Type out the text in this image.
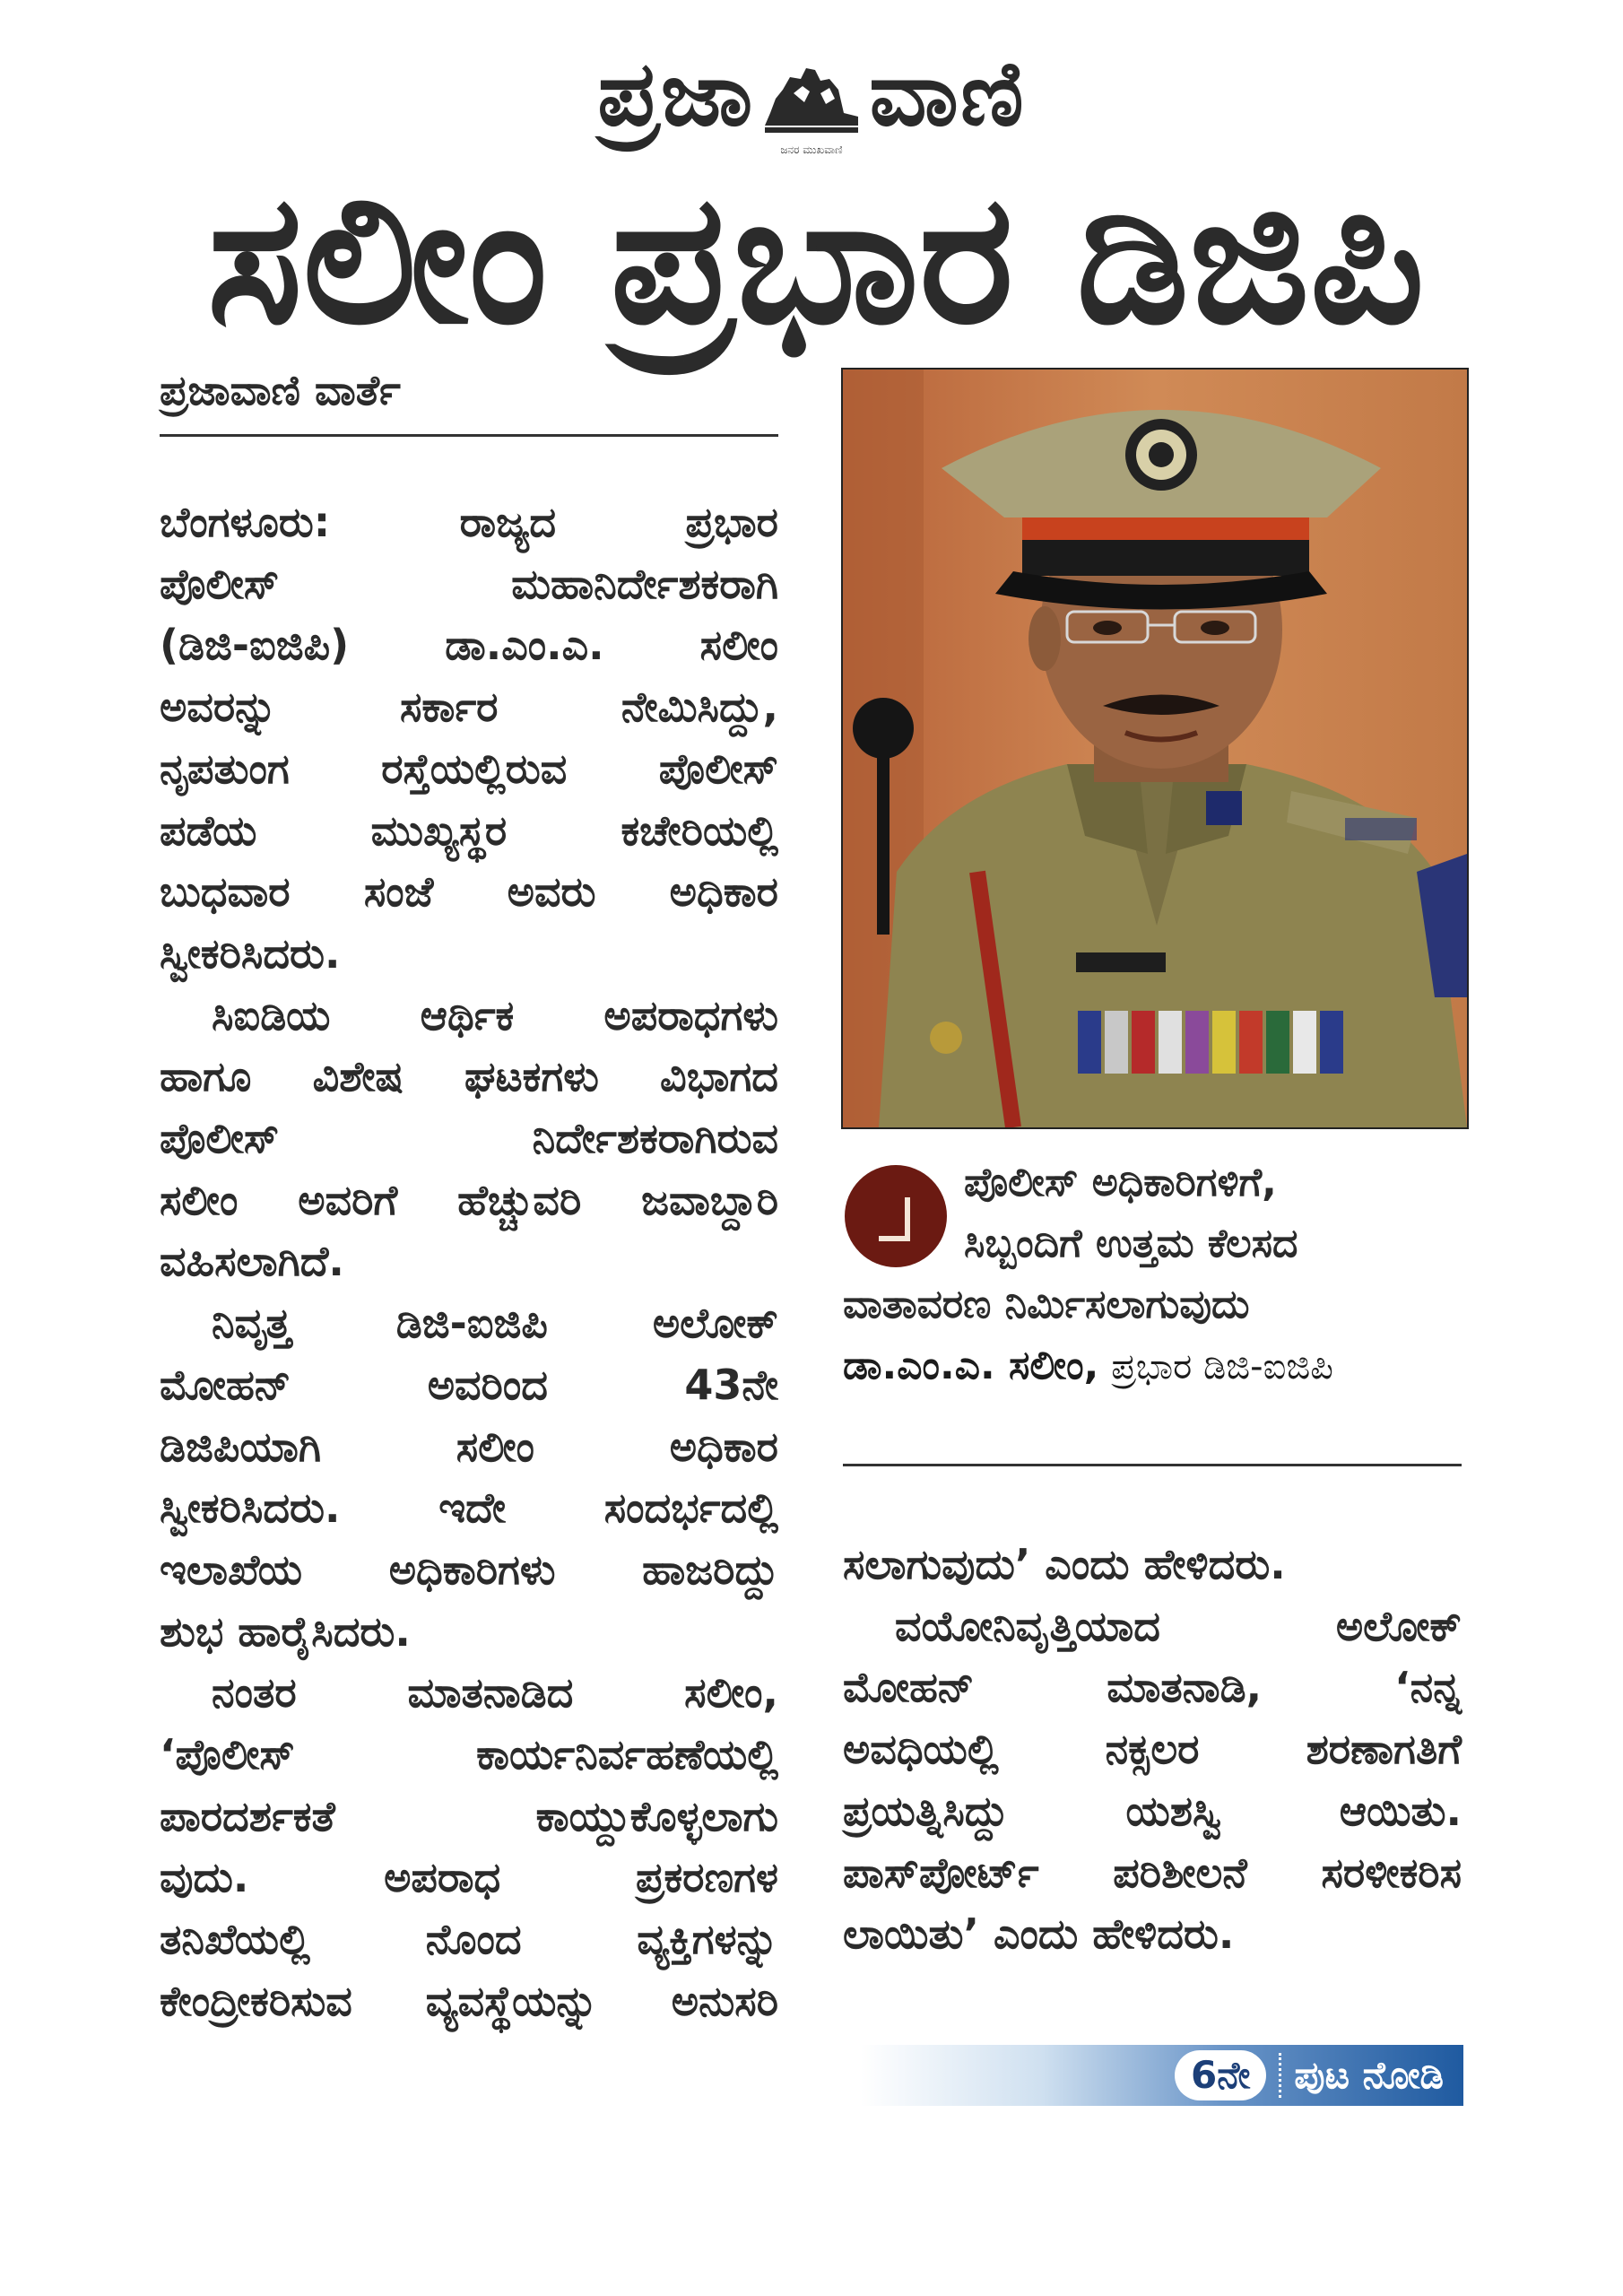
ಪ್ರಜಾ ವಾಣಿ
ಜನರ ಮುಖವಾಣಿ
ಸಲೀಂ ಪ್ರಭಾರ ಡಿಜಿಪಿ
ಪ್ರಜಾವಾಣಿ ವಾರ್ತೆ

ಬೆಂಗಳೂರು: ರಾಜ್ಯದ ಪ್ರಭಾರ

ಪೊಲೀಸ್ ಮಹಾನಿರ್ದೇಶಕರಾಗಿ

(ಡಿಜಿ-ಐಜಿಪಿ) ಡಾ.ಎಂ.ಎ. ಸಲೀಂ

ಅವರನ್ನು ಸರ್ಕಾರ ನೇಮಿಸಿದ್ದು,

ನೃಪತುಂಗ ರಸ್ತೆಯಲ್ಲಿರುವ ಪೊಲೀಸ್

ಪಡೆಯ ಮುಖ್ಯಸ್ಥರ ಕಚೇರಿಯಲ್ಲಿ

ಬುಧವಾರ ಸಂಜೆ ಅವರು ಅಧಿಕಾರ

ಸ್ವೀಕರಿಸಿದರು.

ಸಿಐಡಿಯ ಆರ್ಥಿಕ ಅಪರಾಧಗಳು

ಹಾಗೂ ವಿಶೇಷ ಘಟಕಗಳು ವಿಭಾಗದ

ಪೊಲೀಸ್ ನಿರ್ದೇಶಕರಾಗಿರುವ

ಸಲೀಂ ಅವರಿಗೆ ಹೆಚ್ಚುವರಿ ಜವಾಬ್ದಾರಿ

ವಹಿಸಲಾಗಿದೆ.

ನಿವೃತ್ತ ಡಿಜಿ-ಐಜಿಪಿ ಅಲೋಕ್

ಮೋಹನ್ ಅವರಿಂದ 43ನೇ

ಡಿಜಿಪಿಯಾಗಿ ಸಲೀಂ ಅಧಿಕಾರ

ಸ್ವೀಕರಿಸಿದರು. ಇದೇ ಸಂದರ್ಭದಲ್ಲಿ

ಇಲಾಖೆಯ ಅಧಿಕಾರಿಗಳು ಹಾಜರಿದ್ದು

ಶುಭ ಹಾರೈಸಿದರು.

ನಂತರ ಮಾತನಾಡಿದ ಸಲೀಂ,

‘ಪೊಲೀಸ್ ಕಾರ್ಯನಿರ್ವಹಣೆಯಲ್ಲಿ

ಪಾರದರ್ಶಕತೆ ಕಾಯ್ದುಕೊಳ್ಳಲಾಗು

ವುದು. ಅಪರಾಧ ಪ್ರಕರಣಗಳ

ತನಿಖೆಯಲ್ಲಿ ನೊಂದ ವ್ಯಕ್ತಿಗಳನ್ನು

ಕೇಂದ್ರೀಕರಿಸುವ ವ್ಯವಸ್ಥೆಯನ್ನು ಅನುಸರಿ

ಪೊಲೀಸ್ ಅಧಿಕಾರಿಗಳಿಗೆ,
ಸಿಬ್ಬಂದಿಗೆ ಉತ್ತಮ ಕೆಲಸದ
ವಾತಾವರಣ ನಿರ್ಮಿಸಲಾಗುವುದು
ಡಾ.ಎಂ.ಎ. ಸಲೀಂ, ಪ್ರಭಾರ ಡಿಜಿ-ಐಜಿಪಿ

ಸಲಾಗುವುದು’ ಎಂದು ಹೇಳಿದರು.

ವಯೋನಿವೃತ್ತಿಯಾದ ಅಲೋಕ್

ಮೋಹನ್ ಮಾತನಾಡಿ, ‘ನನ್ನ

ಅವಧಿಯಲ್ಲಿ ನಕ್ಸಲರ ಶರಣಾಗತಿಗೆ

ಪ್ರಯತ್ನಿಸಿದ್ದು ಯಶಸ್ವಿ ಆಯಿತು.

ಪಾಸ್‌ಪೋರ್ಟ್ ಪರಿಶೀಲನೆ ಸರಳೀಕರಿಸ

ಲಾಯಿತು’ ಎಂದು ಹೇಳಿದರು.

6ನೇ	ಪುಟ ನೋಡಿ
